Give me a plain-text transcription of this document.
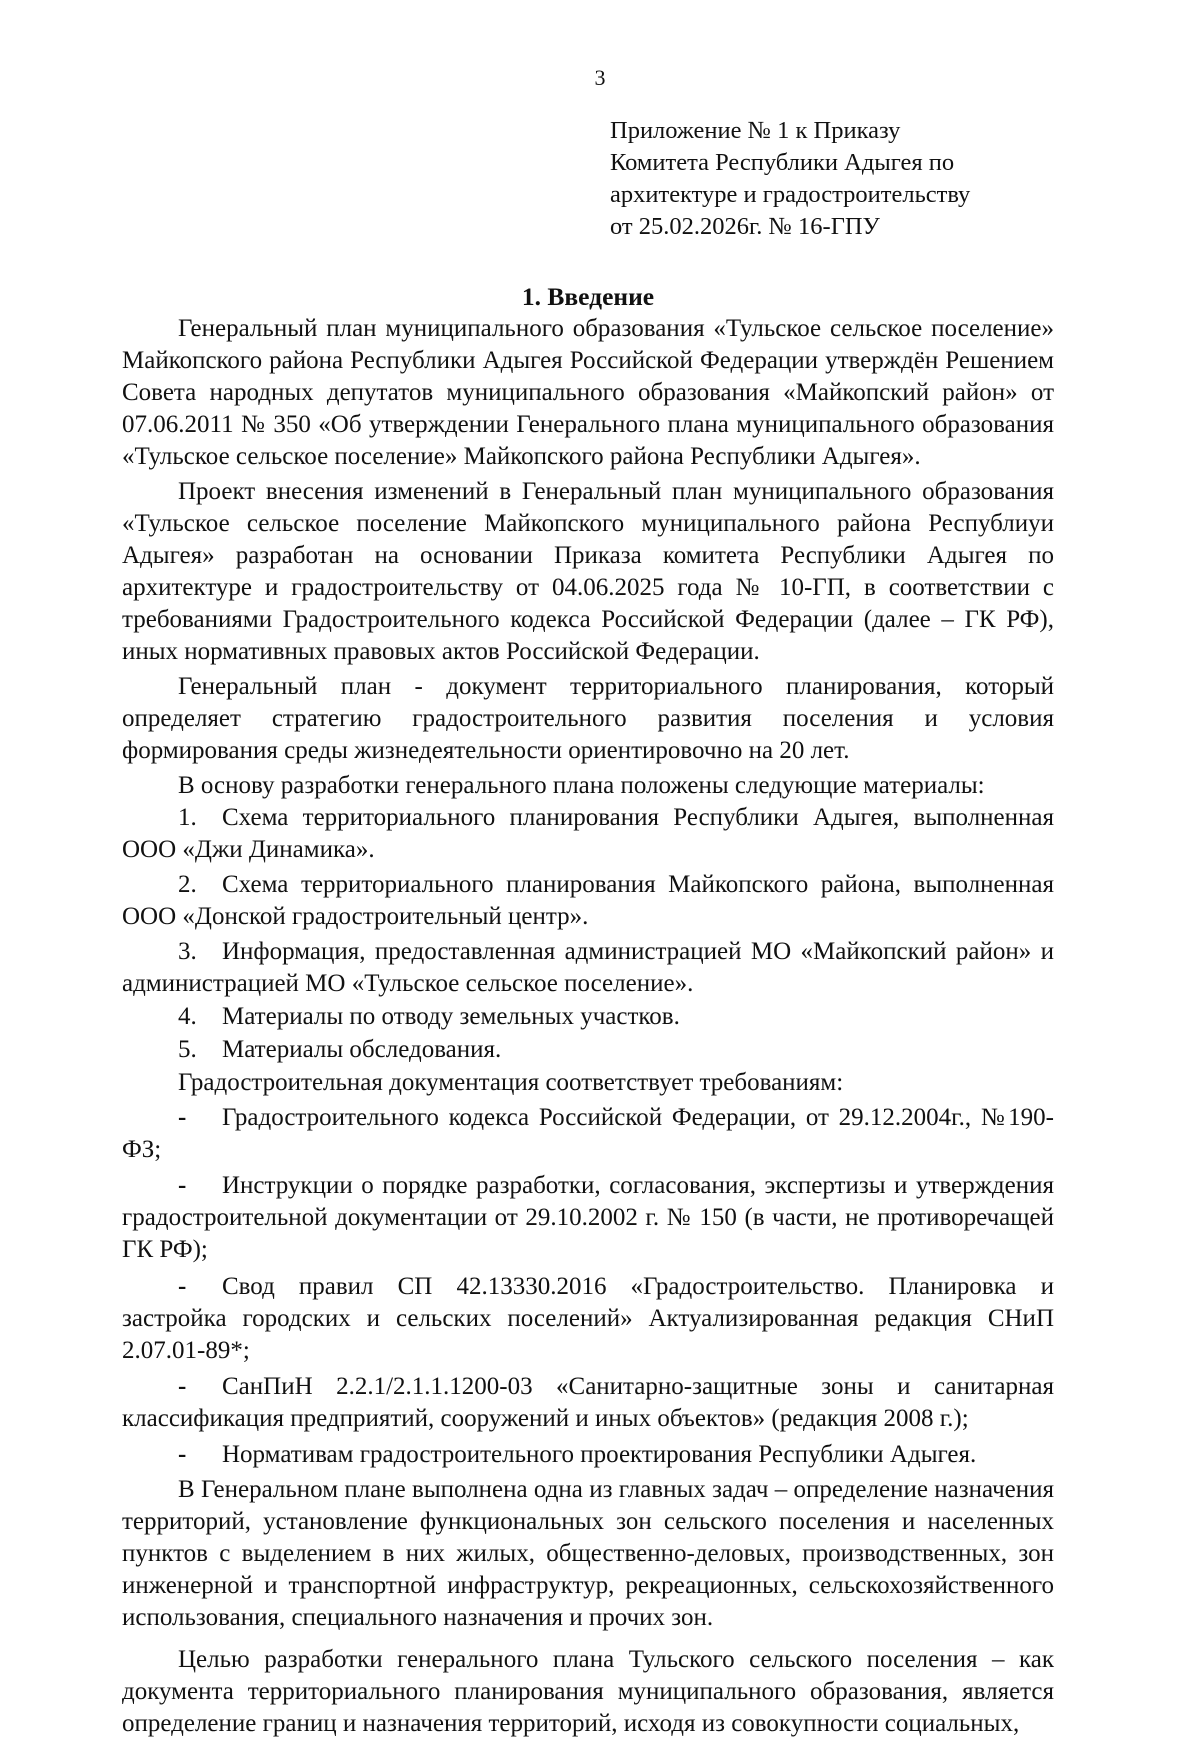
3
Приложение № 1 к Приказу
Комитета Республики Адыгея по
архитектуре и градостроительству
от 25.02.2026г. № 16-ГПУ
1. Введение

Генеральный план муниципального образования «Тульское сельское поселение» Майкопского района Республики Адыгея Российской Федерации утверждён Решением Совета народных депутатов муниципального образования «Майкопский район» от 07.06.2011 № 350 «Об утверждении Генерального плана муниципального образования «Тульское сельское поселение» Майкопского района Республики Адыгея».

Проект внесения изменений в Генеральный план муниципального образования «Тульское сельское поселение Майкопского муниципального района Республиуи Адыгея» разработан на основании Приказа комитета Республики Адыгея по архитектуре и градостроительству от 04.06.2025 года № 10-ГП, в соответствии с требованиями Градостроительного кодекса Российской Федерации (далее – ГК РФ), иных нормативных правовых актов Российской Федерации.

Генеральный план - документ территориального планирования, который определяет стратегию градостроительного развития поселения и условия формирования среды жизнедеятельности ориентировочно на 20 лет.

В основу разработки генерального плана положены следующие материалы:

1. Схема территориального планирования Республики Адыгея, выполненная ООО «Джи Динамика».
2. Схема территориального планирования Майкопского района, выполненная ООО «Донской градостроительный центр».
3. Информация, предоставленная администрацией МО «Майкопский район» и администрацией МО «Тульское сельское поселение».
4. Материалы по отводу земельных участков.
5. Материалы обследования.

Градостроительная документация соответствует требованиям:

- Градостроительного кодекса Российской Федерации, от 29.12.2004г., №190-ФЗ;
- Инструкции о порядке разработки, согласования, экспертизы и утверждения градостроительной документации от 29.10.2002 г. № 150 (в части, не противоречащей ГК РФ);
- Свод правил СП 42.13330.2016 «Градостроительство. Планировка и застройка городских и сельских поселений» Актуализированная редакция СНиП 2.07.01-89*;
- СанПиН 2.2.1/2.1.1.1200-03 «Санитарно-защитные зоны и санитарная классификация предприятий, сооружений и иных объектов» (редакция 2008 г.);
- Нормативам градостроительного проектирования Республики Адыгея.

В Генеральном плане выполнена одна из главных задач – определение назначения территорий, установление функциональных зон сельского поселения и населенных пунктов с выделением в них жилых, общественно-деловых, производственных, зон инженерной и транспортной инфраструктур, рекреационных, сельскохозяйственного использования, специального назначения и прочих зон.

Целью разработки генерального плана Тульского сельского поселения – как документа территориального планирования муниципального образования, является определение границ и назначения территорий, исходя из совокупности социальных,
